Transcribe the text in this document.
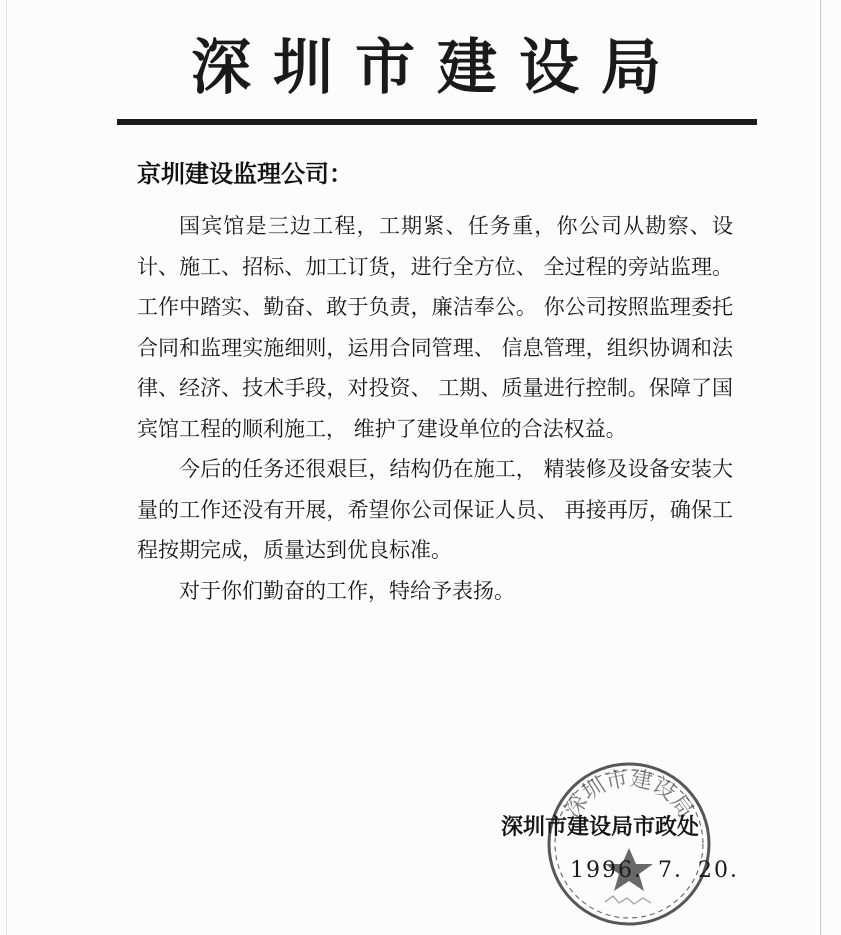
深圳市建设局
京圳建设监理公司：

国宾馆是三边工程，工期紧、任务重，你公司从勘察、设计、施工、招标、加工订货，进行全方位、 全过程的旁站监理。工作中踏实、勤奋、敢于负责，廉洁奉公。 你公司按照监理委托合同和监理实施细则，运用合同管理、 信息管理，组织协调和法律、经济、技术手段，对投资、 工期、质量进行控制。保障了国宾馆工程的顺利施工， 维护了建设单位的合法权益。

今后的任务还很艰巨，结构仍在施工， 精装修及设备安装大量的工作还没有开展，希望你公司保证人员、 再接再厉，确保工程按期完成，质量达到优良标准。

对于你们勤奋的工作，特给予表扬。

深圳市建设局
深圳市建设局市政处
1996．7．20．
